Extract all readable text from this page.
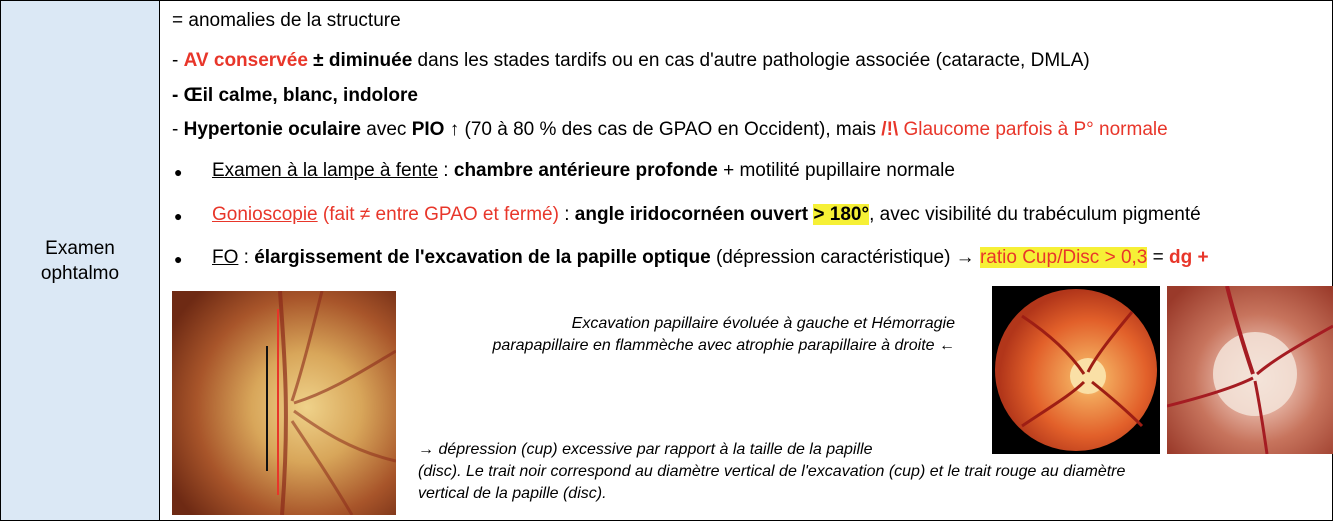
Examen
ophtalmo
= anomalies de la structure
- AV conservée ± diminuée dans les stades tardifs ou en cas d'autre pathologie associée (cataracte, DMLA)
- Œil calme, blanc, indolore
- Hypertonie oculaire avec PIO ↑ (70 à 80 % des cas de GPAO en Occident), mais /!\ Glaucome parfois à P° normale
● Examen à la lampe à fente : chambre antérieure profonde + motilité pupillaire normale
● Gonioscopie (fait ≠ entre GPAO et fermé) : angle iridocornéen ouvert > 180°, avec visibilité du trabéculum pigmenté
● FO : élargissement de l'excavation de la papille optique (dépression caractéristique) → ratio Cup/Disc > 0,3 = dg +
Excavation papillaire évoluée à gauche et Hémorragie
parapapillaire en flammèche avec atrophie parapillaire à droite ←
→ dépression (cup) excessive par rapport à la taille de la papille
(disc). Le trait noir correspond au diamètre vertical de l'excavation (cup) et le trait rouge au diamètre
vertical de la papille (disc).
